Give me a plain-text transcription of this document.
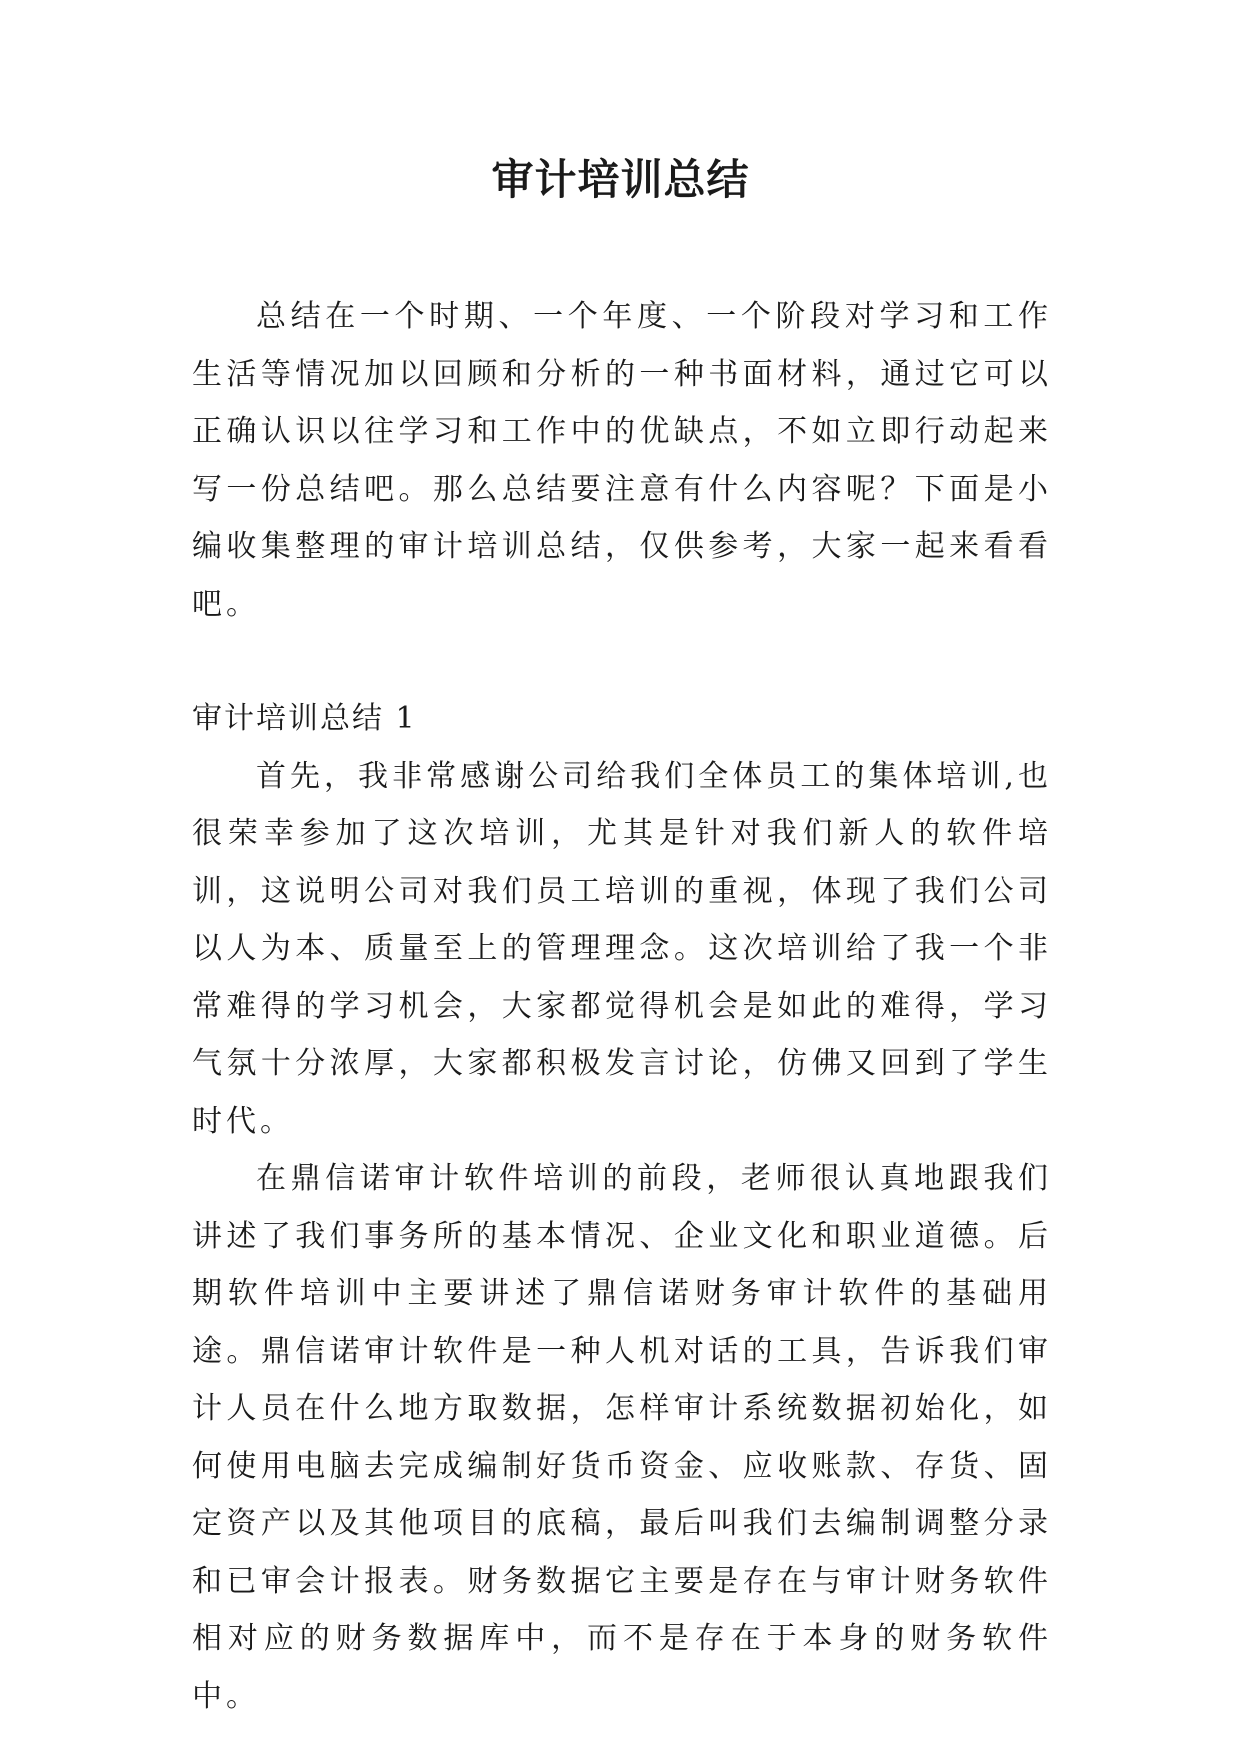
审计培训总结

总结在一个时期、一个年度、一个阶段对学习和工作生活等情况加以回顾和分析的一种书面材料，通过它可以正确认识以往学习和工作中的优缺点，不如立即行动起来写一份总结吧。那么总结要注意有什么内容呢？下面是小编收集整理的审计培训总结，仅供参考，大家一起来看看吧。

审计培训总结 1

首先，我非常感谢公司给我们全体员工的集体培训,也很荣幸参加了这次培训，尤其是针对我们新人的软件培训，这说明公司对我们员工培训的重视，体现了我们公司以人为本、质量至上的管理理念。这次培训给了我一个非常难得的学习机会，大家都觉得机会是如此的难得，学习气氛十分浓厚，大家都积极发言讨论，仿佛又回到了学生时代。

在鼎信诺审计软件培训的前段，老师很认真地跟我们讲述了我们事务所的基本情况、企业文化和职业道德。后期软件培训中主要讲述了鼎信诺财务审计软件的基础用途。鼎信诺审计软件是一种人机对话的工具，告诉我们审计人员在什么地方取数据，怎样审计系统数据初始化，如何使用电脑去完成编制好货币资金、应收账款、存货、固定资产以及其他项目的底稿，最后叫我们去编制调整分录和已审会计报表。财务数据它主要是存在与审计财务软件相对应的财务数据库中，而不是存在于本身的财务软件中。
